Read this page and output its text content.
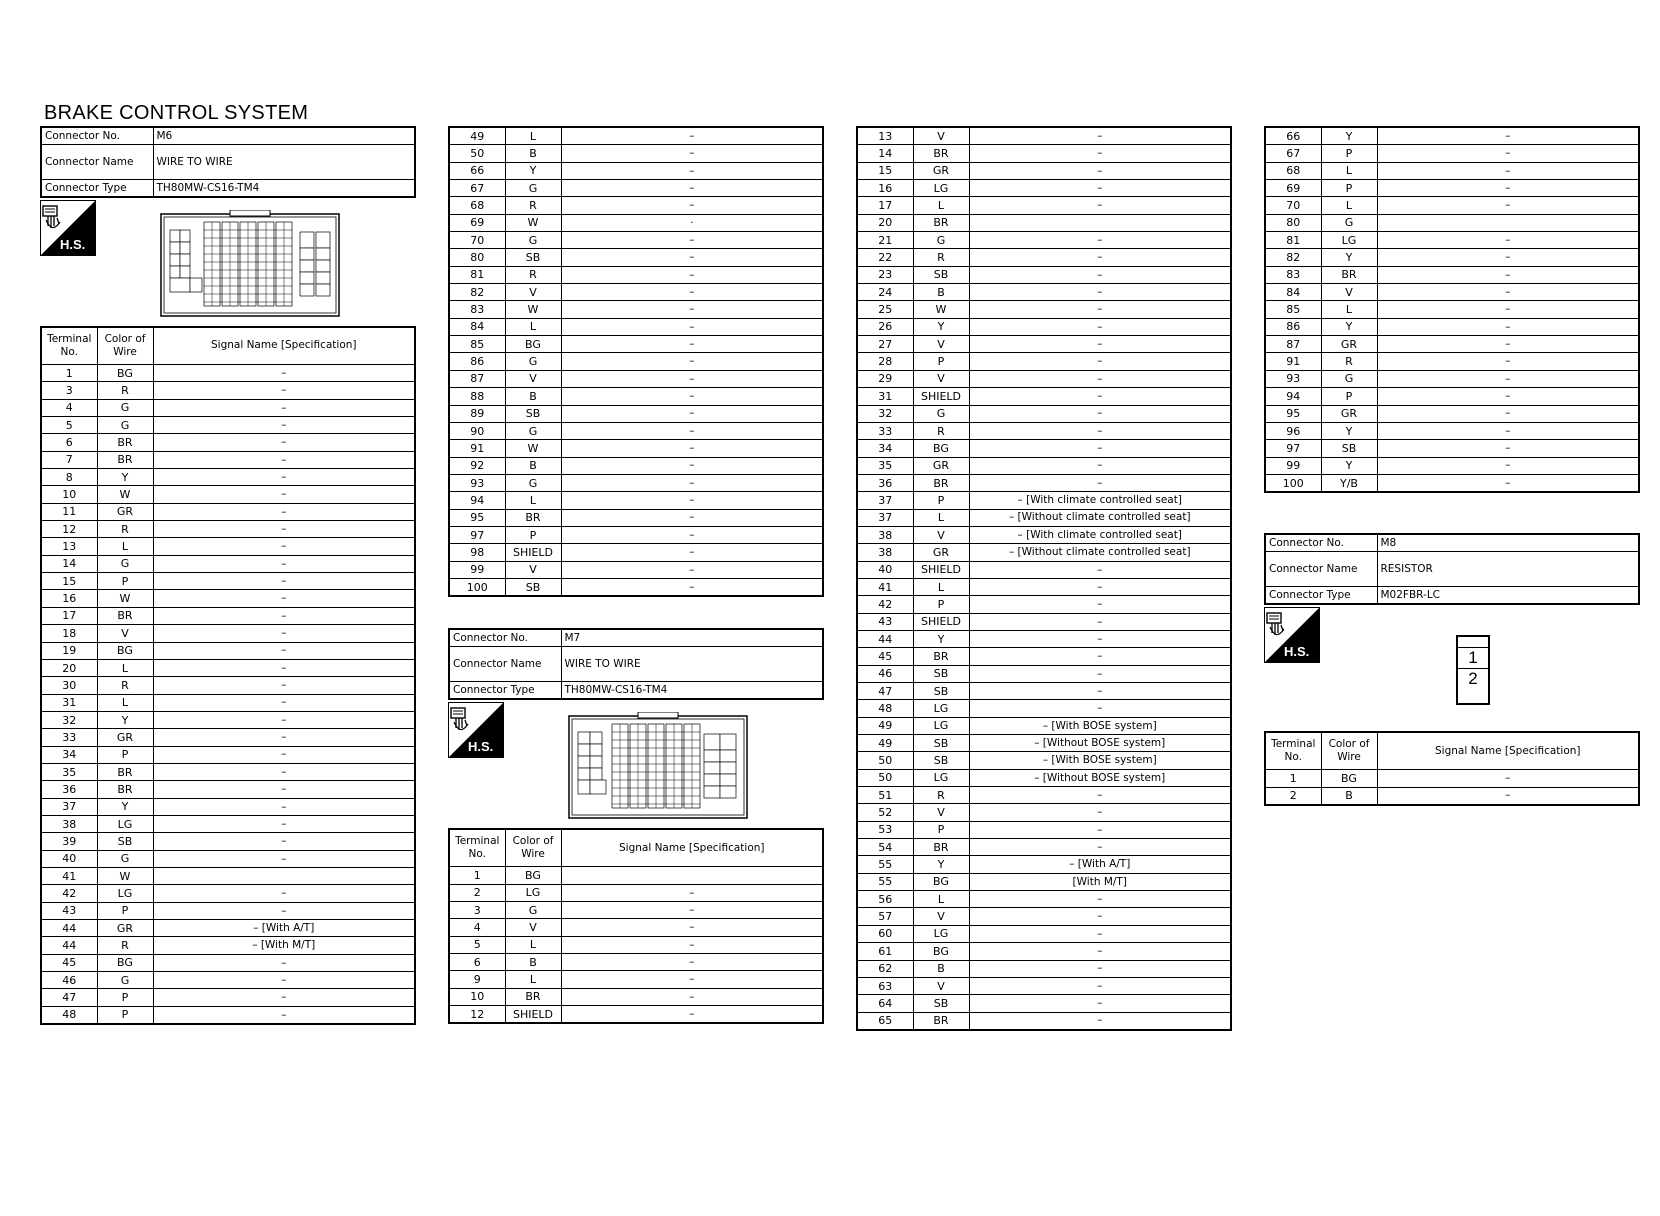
BRAKE CONTROL SYSTEM
Connector No.	M6
Connector Name	WIRE TO WIRE
Connector Type	TH80MW-CS16-TM4
H.S.
Terminal No.	Color of Wire	Signal Name [Specification]
1	BG	–
3	R	–
4	G	–
5	G	–
6	BR	–
7	BR	–
8	Y	–
10	W	–
11	GR	–
12	R	–
13	L	–
14	G	–
15	P	–
16	W	–
17	BR	–
18	V	–
19	BG	–
20	L	–
30	R	–
31	L	–
32	Y	–
33	GR	–
34	P	–
35	BR	–
36	BR	–
37	Y	–
38	LG	–
39	SB	–
40	G	–
41	W	
42	LG	–
43	P	–
44	GR	– [With A/T]
44	R	– [With M/T]
45	BG	–
46	G	–
47	P	–
48	P	–
49	L	–
50	B	–
66	Y	–
67	G	–
68	R	–
69	W	·
70	G	–
80	SB	–
81	R	–
82	V	–
83	W	–
84	L	–
85	BG	–
86	G	–
87	V	–
88	B	–
89	SB	–
90	G	–
91	W	–
92	B	–
93	G	–
94	L	–
95	BR	–
97	P	–
98	SHIELD	–
99	V	–
100	SB	–
Connector No.	M7
Connector Name	WIRE TO WIRE
Connector Type	TH80MW-CS16-TM4
H.S.
Terminal No.	Color of Wire	Signal Name [Specification]
1	BG	
2	LG	–
3	G	–
4	V	–
5	L	–
6	B	–
9	L	–
10	BR	–
12	SHIELD	–
13	V	–
14	BR	–
15	GR	–
16	LG	–
17	L	–
20	BR	
21	G	–
22	R	–
23	SB	–
24	B	–
25	W	–
26	Y	–
27	V	–
28	P	–
29	V	–
31	SHIELD	–
32	G	–
33	R	–
34	BG	–
35	GR	–
36	BR	–
37	P	– [With climate controlled seat]
37	L	– [Without climate controlled seat]
38	V	– [With climate controlled seat]
38	GR	– [Without climate controlled seat]
40	SHIELD	–
41	L	–
42	P	–
43	SHIELD	–
44	Y	–
45	BR	–
46	SB	–
47	SB	–
48	LG	–
49	LG	– [With BOSE system]
49	SB	– [Without BOSE system]
50	SB	– [With BOSE system]
50	LG	– [Without BOSE system]
51	R	–
52	V	–
53	P	–
54	BR	–
55	Y	– [With A/T]
55	BG	[With M/T]
56	L	–
57	V	–
60	LG	–
61	BG	–
62	B	–
63	V	–
64	SB	–
65	BR	–
66	Y	–
67	P	–
68	L	–
69	P	–
70	L	–
80	G	
81	LG	–
82	Y	–
83	BR	–
84	V	–
85	L	–
86	Y	–
87	GR	–
91	R	–
93	G	–
94	P	–
95	GR	–
96	Y	–
97	SB	–
99	Y	–
100	Y/B	–
Connector No.	M8
Connector Name	RESISTOR
Connector Type	M02FBR-LC
H.S.	1
2
Terminal No.	Color of Wire	Signal Name [Specification]
1	BG	–
2	B	–
